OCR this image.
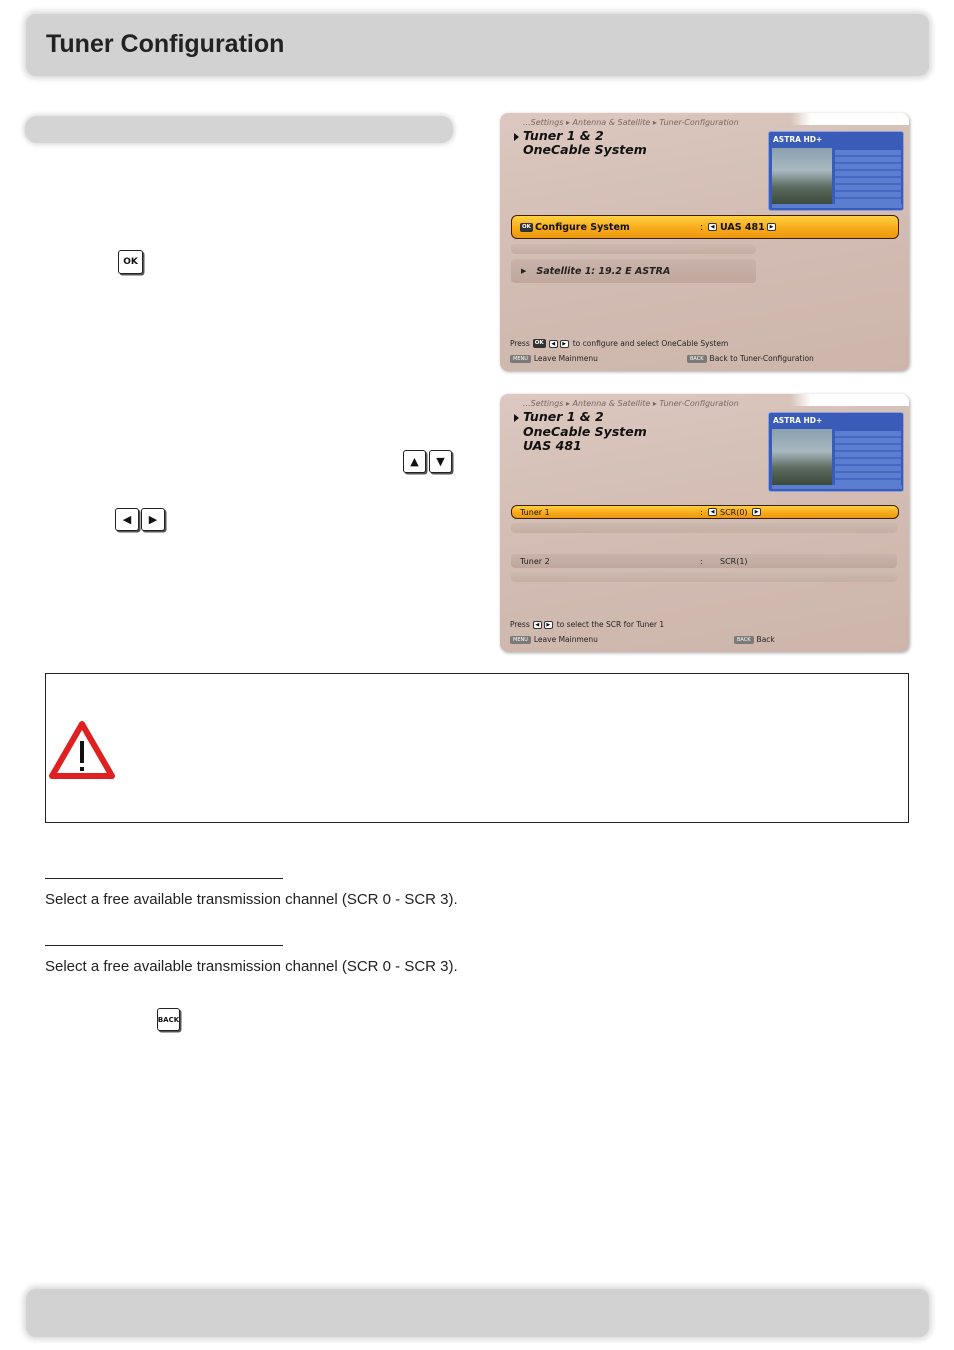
Tuner Configuration
OK
▲	▼
◀	▶
BACK
...Settings ▸ Antenna & Satellite ▸ Tuner-Configuration
Tuner 1 & 2
OneCable System
ASTRA HD+
OK Configure System	:	◀ UAS 481 ▶
▶ Satellite 1: 19.2 E ASTRA
Press OK	◀	▶ to configure and select OneCable System
MENU Leave Mainmenu	BACK Back to Tuner-Configuration
...Settings ▸ Antenna & Satellite ▸ Tuner-Configuration
Tuner 1 & 2
OneCable System
UAS 481
ASTRA HD+
Tuner 1	:	◀ SCR(0)	▶
Tuner 2	: SCR(1)
Press	◀	▶ to select the SCR for Tuner 1
MENU Leave Mainmenu	BACK Back
Select a free available transmission channel (SCR 0 - SCR 3).
Select a free available transmission channel (SCR 0 - SCR 3).
